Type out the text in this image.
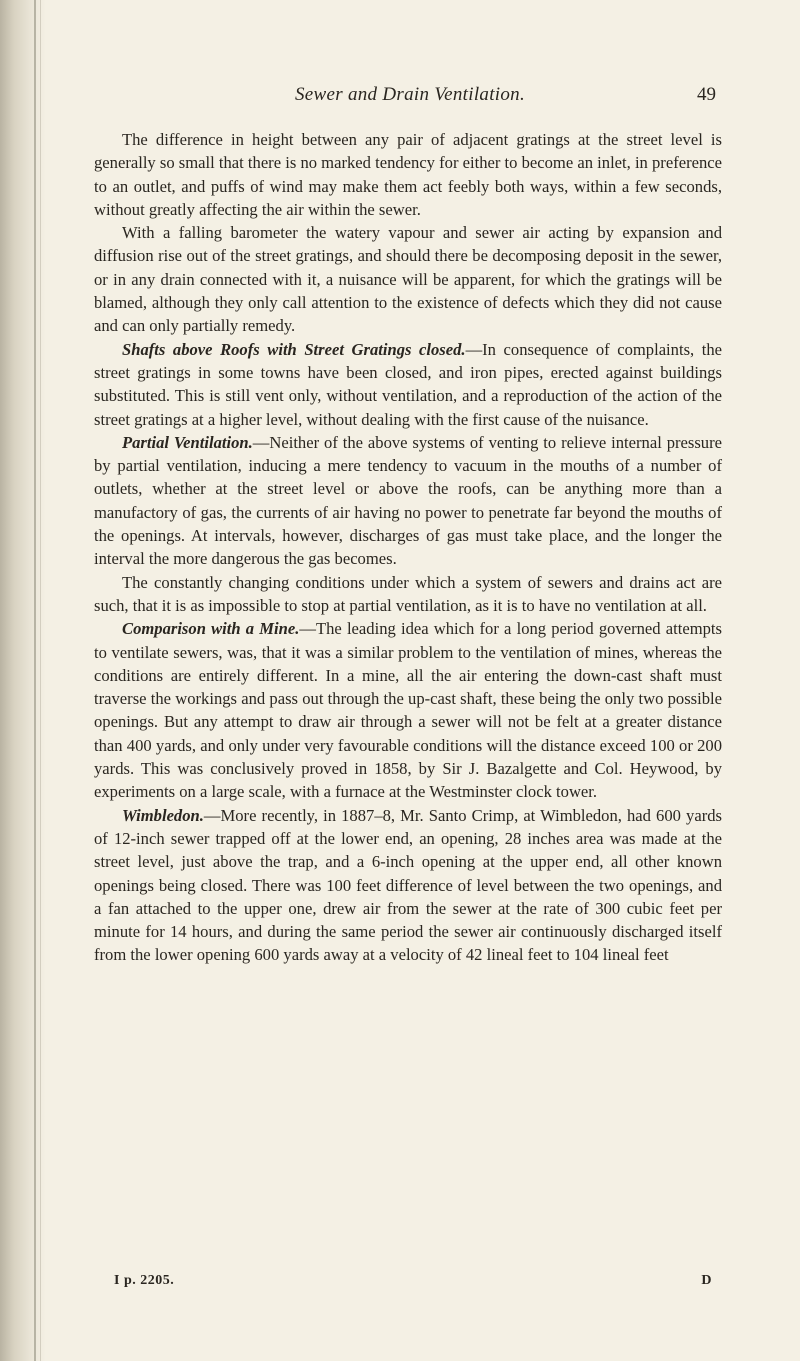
Sewer and Drain Ventilation.	49

The difference in height between any pair of adjacent gratings at the street level is generally so small that there is no marked tendency for either to become an inlet, in preference to an outlet, and puffs of wind may make them act feebly both ways, within a few seconds, without greatly affecting the air within the sewer.

With a falling barometer the watery vapour and sewer air acting by expansion and diffusion rise out of the street gratings, and should there be decomposing deposit in the sewer, or in any drain connected with it, a nuisance will be apparent, for which the gratings will be blamed, although they only call attention to the existence of defects which they did not cause and can only partially remedy.

Shafts above Roofs with Street Gratings closed.—In consequence of complaints, the street gratings in some towns have been closed, and iron pipes, erected against buildings substituted. This is still vent only, without ventilation, and a reproduction of the action of the street gratings at a higher level, without dealing with the first cause of the nuisance.

Partial Ventilation.—Neither of the above systems of venting to relieve internal pressure by partial ventilation, inducing a mere tendency to vacuum in the mouths of a number of outlets, whether at the street level or above the roofs, can be anything more than a manufactory of gas, the currents of air having no power to penetrate far beyond the mouths of the openings. At intervals, however, discharges of gas must take place, and the longer the interval the more dangerous the gas becomes.

The constantly changing conditions under which a system of sewers and drains act are such, that it is as impossible to stop at partial ventilation, as it is to have no ventilation at all.

Comparison with a Mine.—The leading idea which for a long period governed attempts to ventilate sewers, was, that it was a similar problem to the ventilation of mines, whereas the conditions are entirely different. In a mine, all the air entering the down-cast shaft must traverse the workings and pass out through the up-cast shaft, these being the only two possible openings. But any attempt to draw air through a sewer will not be felt at a greater distance than 400 yards, and only under very favourable conditions will the distance exceed 100 or 200 yards. This was conclusively proved in 1858, by Sir J. Bazalgette and Col. Heywood, by experiments on a large scale, with a furnace at the Westminster clock tower.

Wimbledon.—More recently, in 1887–8, Mr. Santo Crimp, at Wimbledon, had 600 yards of 12-inch sewer trapped off at the lower end, an opening, 28 inches area was made at the street level, just above the trap, and a 6-inch opening at the upper end, all other known openings being closed. There was 100 feet difference of level between the two openings, and a fan attached to the upper one, drew air from the sewer at the rate of 300 cubic feet per minute for 14 hours, and during the same period the sewer air continuously discharged itself from the lower opening 600 yards away at a velocity of 42 lineal feet to 104 lineal feet

I p. 2205.	D
